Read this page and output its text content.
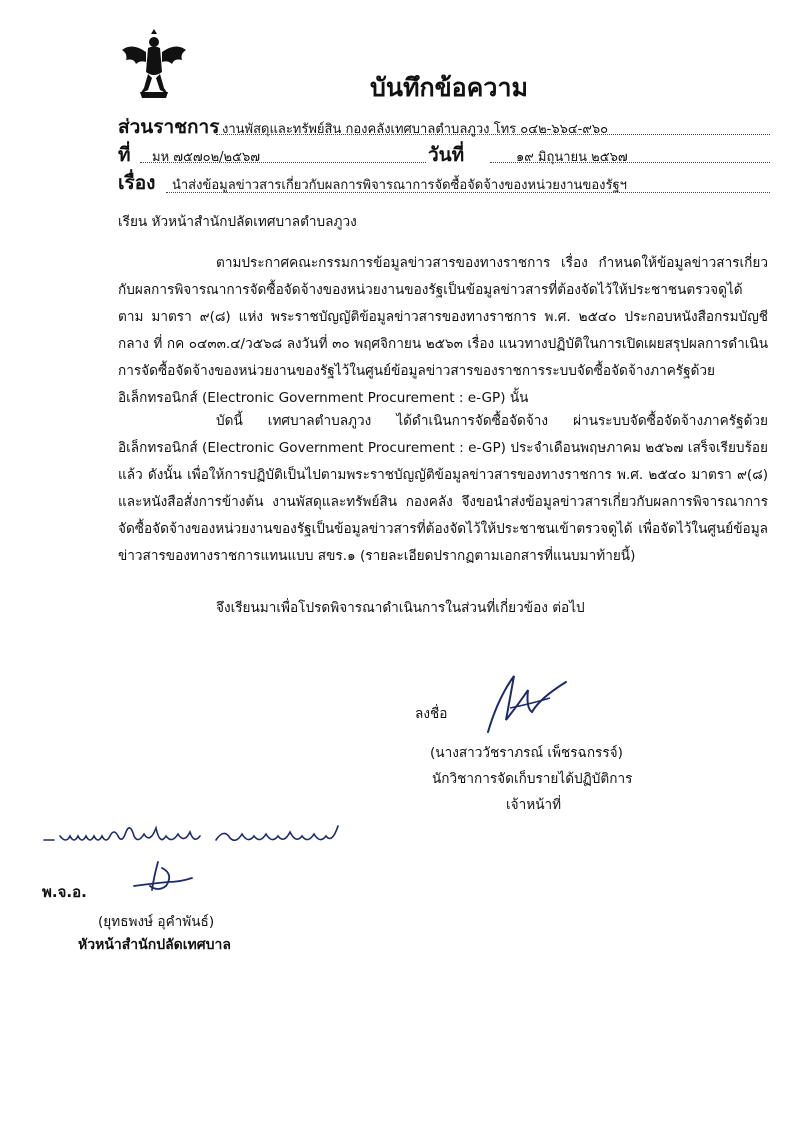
บันทึกข้อความ
ส่วนราชการ งานพัสดุและทรัพย์สิน กองคลังเทศบาลตำบลภูวง โทร ๐๔๒-๖๖๔-๙๖๐
ที่ มห ๗๕๗๐๒/๒๕๖๗	วันที่	๑๙ มิถุนายน ๒๕๖๗
เรื่อง นำส่งข้อมูลข่าวสารเกี่ยวกับผลการพิจารณาการจัดซื้อจัดจ้างของหน่วยงานของรัฐฯ
เรียน หัวหน้าสำนักปลัดเทศบาลตำบลภูวง
ตามประกาศคณะกรรมการข้อมูลข่าวสารของทางราชการ เรื่อง กำหนดให้ข้อมูลข่าวสารเกี่ยวกับผลการพิจารณาการจัดซื้อจัดจ้างของหน่วยงานของรัฐเป็นข้อมูลข่าวสารที่ต้องจัดไว้ให้ประชาชนตรวจดูได้ตาม มาตรา ๙(๘) แห่ง พระราชบัญญัติข้อมูลข่าวสารของทางราชการ พ.ศ. ๒๕๔๐ ประกอบหนังสือกรมบัญชีกลาง ที่ กค ๐๔๓๓.๔/ว๕๖๘ ลงวันที่ ๓๐ พฤศจิกายน ๒๕๖๓ เรื่อง แนวทางปฏิบัติในการเปิดเผยสรุปผลการดำเนินการจัดซื้อจัดจ้างของหน่วยงานของรัฐไว้ในศูนย์ข้อมูลข่าวสารของราชการระบบจัดซื้อจัดจ้างภาครัฐด้วยอิเล็กทรอนิกส์ (Electronic Government Procurement : e-GP) นั้น
บัดนี้ เทศบาลตำบลภูวง ได้ดำเนินการจัดซื้อจัดจ้าง ผ่านระบบจัดซื้อจัดจ้างภาครัฐด้วยอิเล็กทรอนิกส์ (Electronic Government Procurement : e-GP) ประจำเดือนพฤษภาคม ๒๕๖๗ เสร็จเรียบร้อยแล้ว ดังนั้น เพื่อให้การปฏิบัติเป็นไปตามพระราชบัญญัติข้อมูลข่าวสารของทางราชการ พ.ศ. ๒๕๔๐ มาตรา ๙(๘) และหนังสือสั่งการข้างต้น งานพัสดุและทรัพย์สิน กองคลัง จึงขอนำส่งข้อมูลข่าวสารเกี่ยวกับผลการพิจารณาการจัดซื้อจัดจ้างของหน่วยงานของรัฐเป็นข้อมูลข่าวสารที่ต้องจัดไว้ให้ประชาชนเข้าตรวจดูได้ เพื่อจัดไว้ในศูนย์ข้อมูลข่าวสารของทางราชการแทนแบบ สขร.๑ (รายละเอียดปรากฏตามเอกสารที่แนบมาท้ายนี้)
จึงเรียนมาเพื่อโปรดพิจารณาดำเนินการในส่วนที่เกี่ยวข้อง ต่อไป
ลงชื่อ
(นางสาววัชราภรณ์ เพ็ชรฉกรรจ์)
นักวิชาการจัดเก็บรายได้ปฏิบัติการ
เจ้าหน้าที่
พ.จ.อ.
(ยุทธพงษ์ อุคำพันธ์)
หัวหน้าสำนักปลัดเทศบาล
